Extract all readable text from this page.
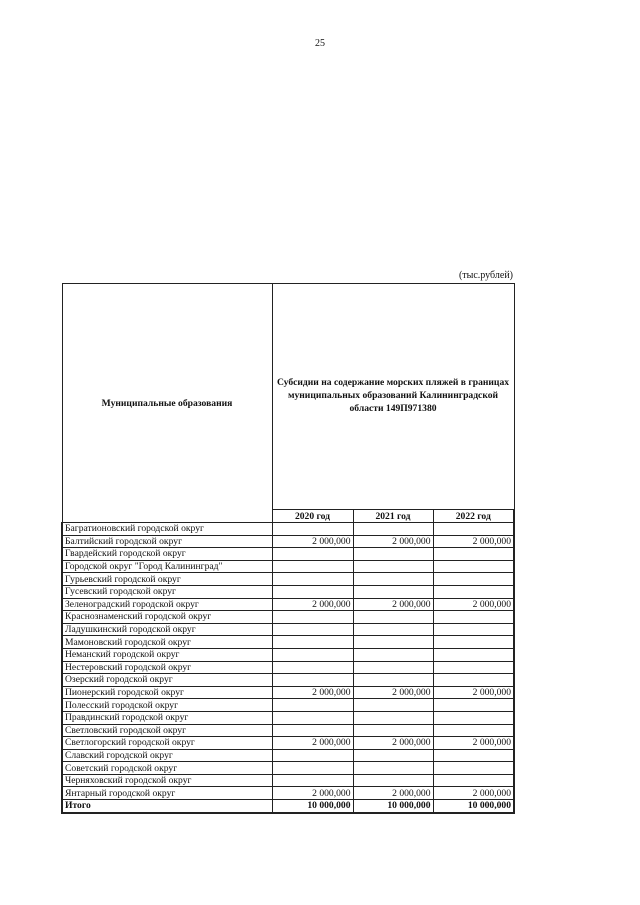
25
(тыс.рублей)
Муниципальные образования	Субсидии на содержание морских пляжей в границах муниципальных образований Калининградской области 149П971380		
	2020 год	2021 год	2022 год
Багратионовский городской округ			
Балтийский городской округ	2 000,000	2 000,000	2 000,000
Гвардейский городской округ			
Городской округ "Город Калининград"			
Гурьевский городской округ			
Гусевский городской округ			
Зеленоградский городской округ	2 000,000	2 000,000	2 000,000
Краснознаменский городской округ			
Ладушкинский городской округ			
Мамоновский городской округ			
Неманский городской округ			
Нестеровский городской округ			
Озерский городской округ			
Пионерский городской округ	2 000,000	2 000,000	2 000,000
Полесский городской округ			
Правдинский городской округ			
Светловский городской округ			
Светлогорский городской округ	2 000,000	2 000,000	2 000,000
Славский городской округ			
Советский городской округ			
Черняховский городской округ			
Янтарный городской округ	2 000,000	2 000,000	2 000,000
Итого	10 000,000	10 000,000	10 000,000
